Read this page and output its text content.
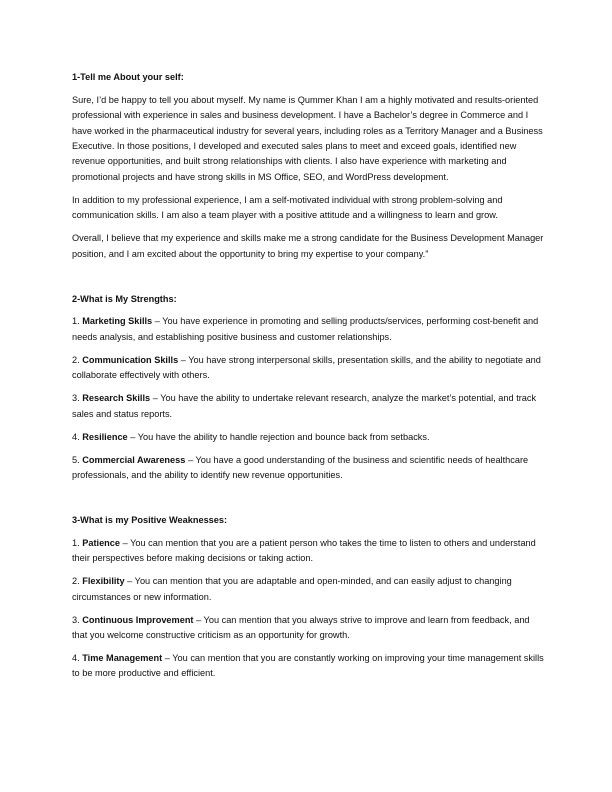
1-Tell me About your self:

Sure, I’d be happy to tell you about myself. My name is Qummer Khan I am a highly motivated and results-oriented professional with experience in sales and business development. I have a Bachelor’s degree in Commerce and I have worked in the pharmaceutical industry for several years, including roles as a Territory Manager and a Business Executive. In those positions, I developed and executed sales plans to meet and exceed goals, identified new revenue opportunities, and built strong relationships with clients. I also have experience with marketing and promotional projects and have strong skills in MS Office, SEO, and WordPress development.

In addition to my professional experience, I am a self-motivated individual with strong problem-solving and communication skills. I am also a team player with a positive attitude and a willingness to learn and grow.

Overall, I believe that my experience and skills make me a strong candidate for the Business Development Manager position, and I am excited about the opportunity to bring my expertise to your company.”

2-What is My Strengths:

1. Marketing Skills – You have experience in promoting and selling products/services, performing cost-benefit and needs analysis, and establishing positive business and customer relationships.

2. Communication Skills – You have strong interpersonal skills, presentation skills, and the ability to negotiate and collaborate effectively with others.

3. Research Skills – You have the ability to undertake relevant research, analyze the market’s potential, and track sales and status reports.

4. Resilience – You have the ability to handle rejection and bounce back from setbacks.

5. Commercial Awareness – You have a good understanding of the business and scientific needs of healthcare professionals, and the ability to identify new revenue opportunities.

3-What is my Positive Weaknesses:

1. Patience – You can mention that you are a patient person who takes the time to listen to others and understand their perspectives before making decisions or taking action.

2. Flexibility – You can mention that you are adaptable and open-minded, and can easily adjust to changing circumstances or new information.

3. Continuous Improvement – You can mention that you always strive to improve and learn from feedback, and that you welcome constructive criticism as an opportunity for growth.

4. Time Management – You can mention that you are constantly working on improving your time management skills to be more productive and efficient.
